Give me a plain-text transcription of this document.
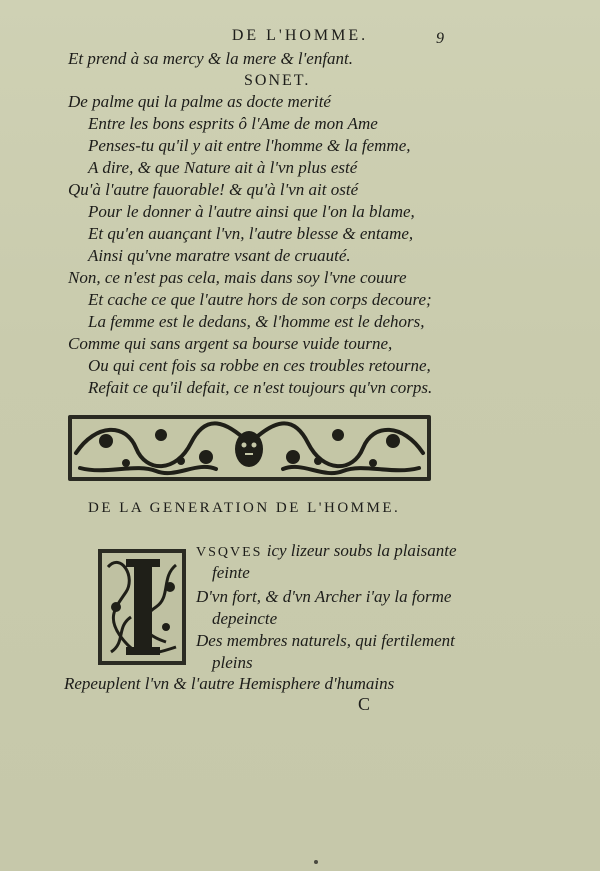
DE L'HOMME.	9
Et prend à sa mercy & la mere & l'enfant.
SONET.
De palme qui la palme as docte merité
Entre les bons esprits ô l'Ame de mon Ame
Penses-tu qu'il y ait entre l'homme & la femme,
A dire, & que Nature ait à l'vn plus esté
Qu'à l'autre fauorable! & qu'à l'vn ait osté
Pour le donner à l'autre ainsi que l'on la blame,
Et qu'en auançant l'vn, l'autre blesse & entame,
Ainsi qu'vne maratre vsant de cruauté.
Non, ce n'est pas cela, mais dans soy l'vne couure
Et cache ce que l'autre hors de son corps decoure;
La femme est le dedans, & l'homme est le dehors,
Comme qui sans argent sa bourse vuide tourne,
Ou qui cent fois sa robbe en ces troubles retourne,
Refait ce qu'il defait, ce n'est toujours qu'vn corps.
DE LA GENERATION DE L'HOMME.
VSQVES icy lizeur soubs la plaisante
feinte
D'vn fort, & d'vn Archer i'ay la forme
depeincte
Des membres naturels, qui fertilement
pleins
Repeuplent l'vn & l'autre Hemisphere d'humains
C
